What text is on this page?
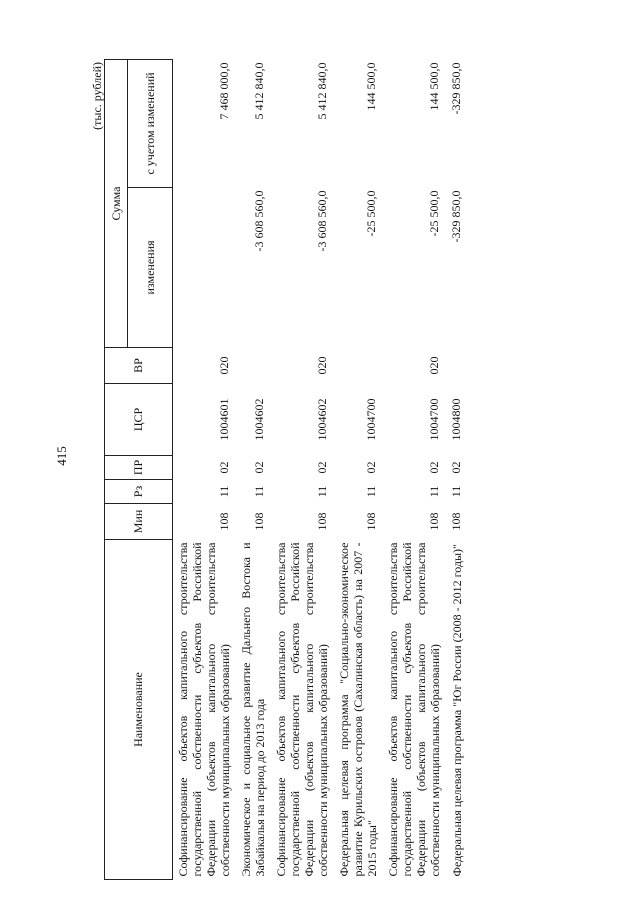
415
(тыс. рублей)
Наименование	Мин	Рз	ПР	ЦСР	ВР	Сумма	
						изменения	с учетом изменений
Софинансирование объектов капитального строительства государственной собственности субъектов Российской Федерации (объектов капитального строительства собственности муниципальных образований)	108	11	02	1004601	020		7 468 000,0
Экономическое и социальное развитие Дальнего Востока и Забайкалья на период до 2013 года	108	11	02	1004602		-3 608 560,0	5 412 840,0
Софинансирование объектов капитального строительства государственной собственности субъектов Российской Федерации (объектов капитального строительства собственности муниципальных образований)	108	11	02	1004602	020	-3 608 560,0	5 412 840,0
Федеральная целевая программа "Социально-экономическое развитие Курильских островов (Сахалинская область) на 2007 - 2015 годы"	108	11	02	1004700		-25 500,0	144 500,0
Софинансирование объектов капитального строительства государственной собственности субъектов Российской Федерации (объектов капитального строительства собственности муниципальных образований)	108	11	02	1004700	020	-25 500,0	144 500,0
Федеральная целевая программа "Юг России (2008 - 2012 годы)"	108	11	02	1004800		-329 850,0	-329 850,0
